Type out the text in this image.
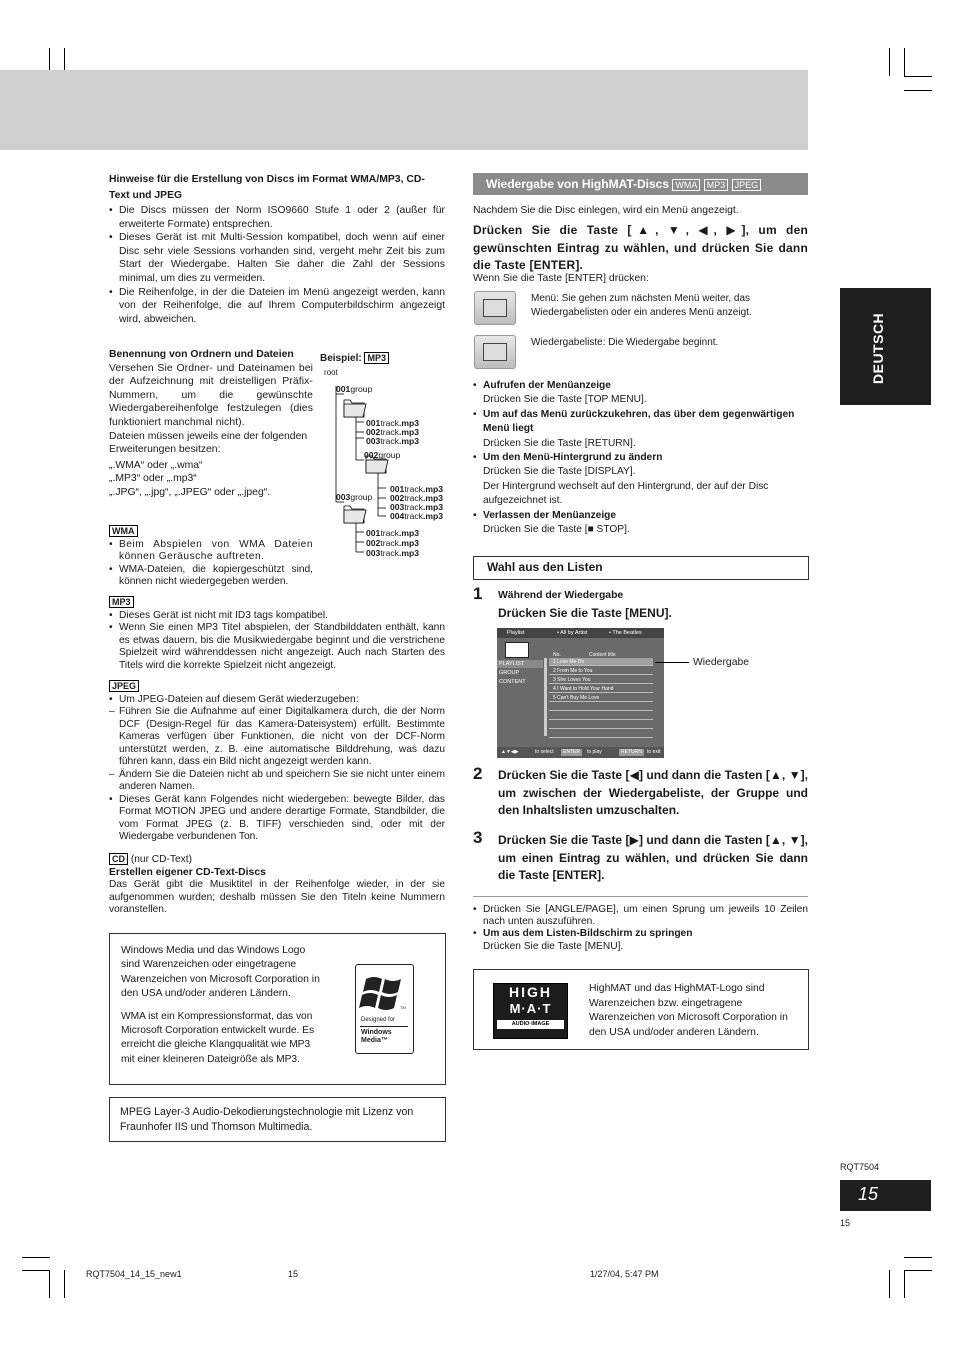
DEUTSCH
Hinweise für die Erstellung von Discs im Format WMA/MP3, CD-Text und JPEG
• Die Discs müssen der Norm ISO9660 Stufe 1 oder 2 (außer für erweiterte Formate) entsprechen.
• Dieses Gerät ist mit Multi-Session kompatibel, doch wenn auf einer Disc sehr viele Sessions vorhanden sind, vergeht mehr Zeit bis zum Start der Wiedergabe. Halten Sie daher die Zahl der Sessions minimal, um dies zu vermeiden.
• Die Reihenfolge, in der die Dateien im Menü angezeigt werden, kann von der Reihenfolge, die auf Ihrem Computerbildschirm angezeigt wird, abweichen.
Benennung von Ordnern und Dateien
Versehen Sie Ordner- und Dateinamen bei der Aufzeichnung mit dreistelligen Präfix-Nummern, um die gewünschte Wiedergabereihenfolge festzulegen (dies funktioniert manchmal nicht).
Dateien müssen jeweils eine der folgenden Erweiterungen besitzen:
„.WMA“ oder „.wma“
„.MP3“ oder „.mp3“
„.JPG“, „.jpg“, „.JPEG“ oder „.jpeg“.
Beispiel: MP3
root
001group
001track.mp3
002track.mp3
003track.mp3
002group
001track.mp3
002track.mp3
003track.mp3
004track.mp3
003group
001track.mp3
002track.mp3
003track.mp3
WMA
• Beim Abspielen von WMA Dateien können Geräusche auftreten.
• WMA-Dateien, die kopiergeschützt sind, können nicht wiedergegeben werden.
MP3
• Dieses Gerät ist nicht mit ID3 tags kompatibel.
• Wenn Sie einen MP3 Titel abspielen, der Standbilddaten enthält, kann es etwas dauern, bis die Musikwiedergabe beginnt und die verstrichene Spielzeit wird währenddessen nicht angezeigt. Auch nach Starten des Titels wird die korrekte Spielzeit nicht angezeigt.
JPEG
• Um JPEG-Dateien auf diesem Gerät wiederzugeben:
– Führen Sie die Aufnahme auf einer Digitalkamera durch, die der Norm DCF (Design-Regel für das Kamera-Dateisystem) erfüllt. Bestimmte Kameras verfügen über Funktionen, die nicht von der DCF-Norm unterstützt werden, z. B. eine automatische Bilddrehung, was dazu führen kann, dass ein Bild nicht angezeigt werden kann.
– Ändern Sie die Dateien nicht ab und speichern Sie sie nicht unter einem anderen Namen.
• Dieses Gerät kann Folgendes nicht wiedergeben: bewegte Bilder, das Format MOTION JPEG und andere derartige Formate, Standbilder, die vom Format JPEG (z. B. TIFF) verschieden sind, oder mit der Wiedergabe verbundenen Ton.
CD (nur CD-Text)
Erstellen eigener CD-Text-Discs
Das Gerät gibt die Musiktitel in der Reihenfolge wieder, in der sie aufgenommen wurden; deshalb müssen Sie den Titeln keine Nummern voranstellen.
Windows Media und das Windows Logo sind Warenzeichen oder eingetragene Warenzeichen von Microsoft Corporation in den USA und/oder anderen Ländern.
WMA ist ein Kompressionsformat, das von Microsoft Corporation entwickelt wurde. Es erreicht die gleiche Klangqualität wie MP3 mit einer kleineren Dateigröße als MP3.
TM
Designed for
Windows
Media™
MPEG Layer-3 Audio-Dekodierungstechnologie mit Lizenz von Fraunhofer IIS und Thomson Multimedia.
Wiedergabe von HighMAT-Discs WMA MP3 JPEG
Nachdem Sie die Disc einlegen, wird ein Menü angezeigt.
Drücken Sie die Taste [▲, ▼, ◀, ▶], um den gewünschten Eintrag zu wählen, und drücken Sie dann die Taste [ENTER].
Wenn Sie die Taste [ENTER] drücken:
Menü: Sie gehen zum nächsten Menü weiter, das Wiedergabelisten oder ein anderes Menü anzeigt.
Wiedergabeliste: Die Wiedergabe beginnt.
• Aufrufen der Menüanzeige
Drücken Sie die Taste [TOP MENU].
• Um auf das Menü zurückzukehren, das über dem gegenwärtigen Menü liegt
Drücken Sie die Taste [RETURN].
• Um den Menü-Hintergrund zu ändern
Drücken Sie die Taste [DISPLAY].
Der Hintergrund wechselt auf den Hintergrund, der auf der Disc aufgezeichnet ist.
• Verlassen der Menüanzeige
Drücken Sie die Taste [■ STOP].
Wahl aus den Listen
1 Während der Wiedergabe
Drücken Sie die Taste [MENU].
Playlist	• All by Artist	• The Beatles
PLAYLIST
GROUP
CONTENT
No.	Content title
1 Love Me Do
2 From Me to You
3 She Loves You
4 I Want to Hold Your Hand
5 Can't Buy Me Love
▲▼◀▶	to select	ENTER	to play	RETURN	to exit
Wiedergabe
2 Drücken Sie die Taste [◀] und dann die Tasten [▲, ▼], um zwischen der Wiedergabeliste, der Gruppe und den Inhaltslisten umzuschalten.
3 Drücken Sie die Taste [▶] und dann die Tasten [▲, ▼], um einen Eintrag zu wählen, und drücken Sie dann die Taste [ENTER].
• Drücken Sie [ANGLE/PAGE], um einen Sprung um jeweils 10 Zeilen nach unten auszuführen.
• Um aus dem Listen-Bildschirm zu springen
Drücken Sie die Taste [MENU].
HIGH
M·A·T
AUDIO·IMAGE
HighMAT und das HighMAT-Logo sind Warenzeichen bzw. eingetragene Warenzeichen von Microsoft Corporation in den USA und/oder anderen Ländern.
RQT7504
15
15
RQT7504_14_15_new1	15	1/27/04, 5:47 PM
